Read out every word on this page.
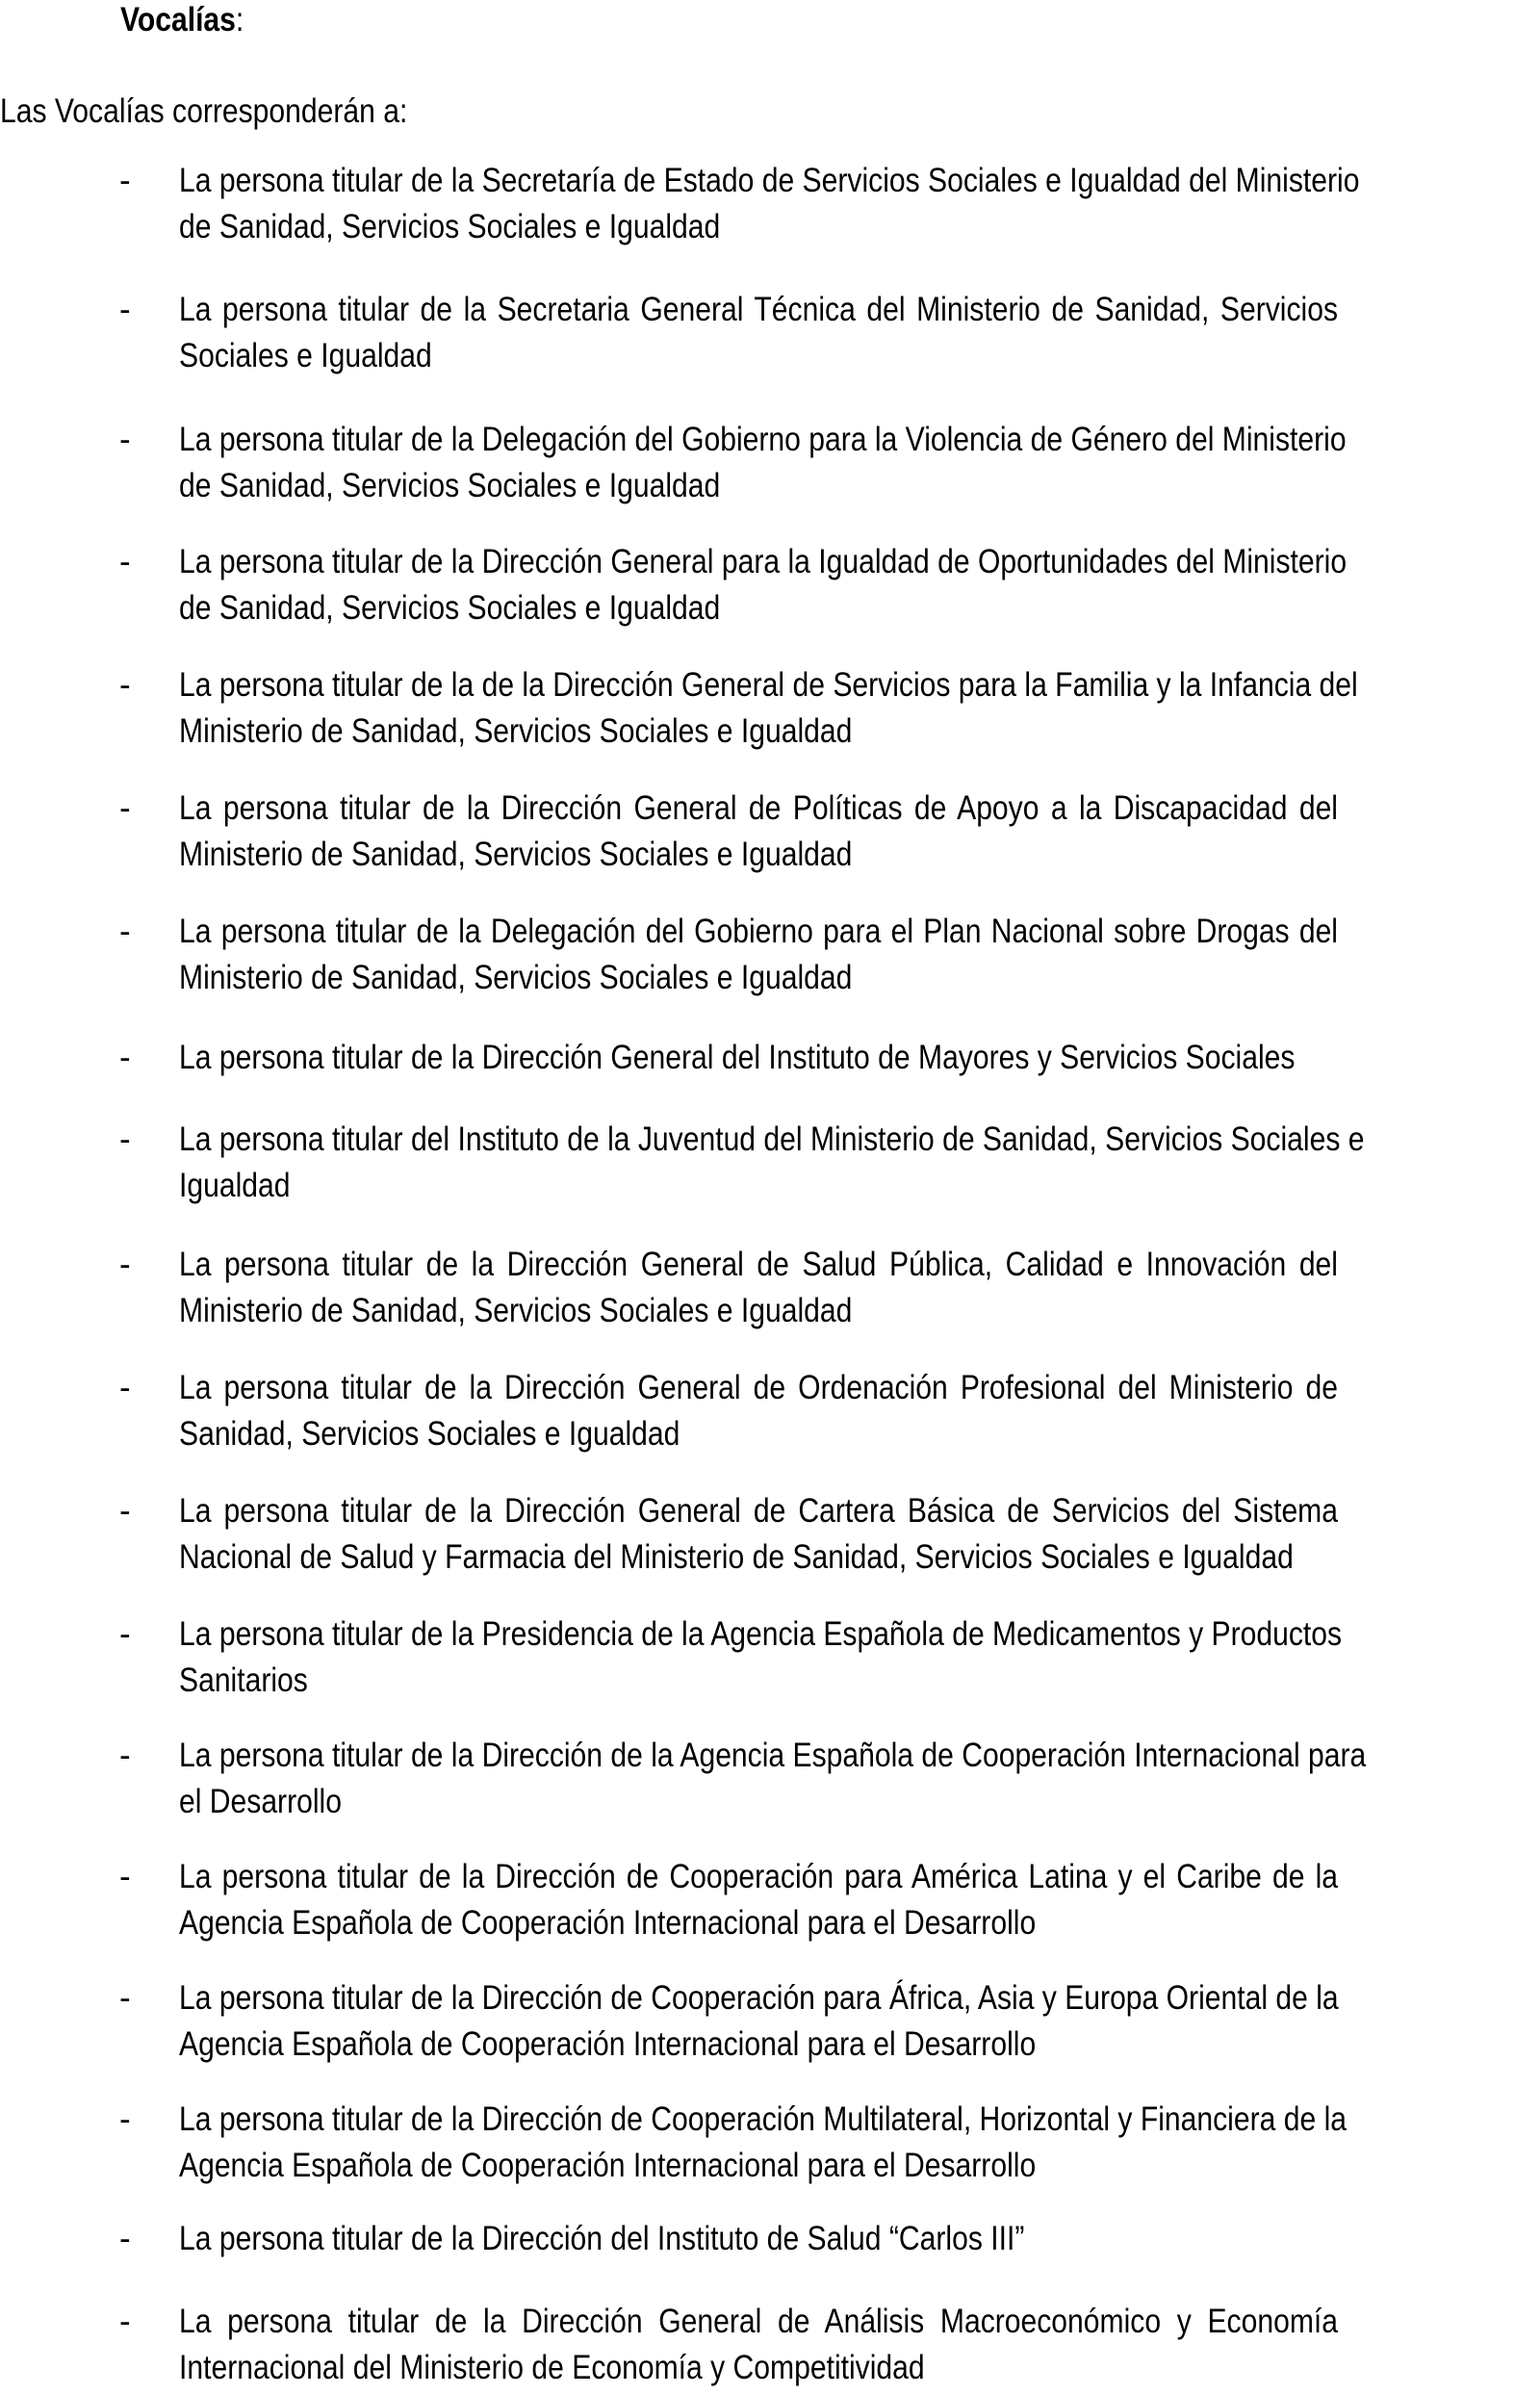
Vocalías:
Las Vocalías corresponderán a:
- La persona titular de la Secretaría de Estado de Servicios Sociales e Igualdad del Ministerio
de Sanidad, Servicios Sociales e Igualdad
- La persona titular de la Secretaria General Técnica del Ministerio de Sanidad, Servicios
Sociales e Igualdad
- La persona titular de la Delegación del Gobierno para la Violencia de Género del Ministerio
de Sanidad, Servicios Sociales e Igualdad
- La persona titular de la Dirección General para la Igualdad de Oportunidades del Ministerio
de Sanidad, Servicios Sociales e Igualdad
- La persona titular de la de la Dirección General de Servicios para la Familia y la Infancia del
Ministerio de Sanidad, Servicios Sociales e Igualdad
- La persona titular de la Dirección General de Políticas de Apoyo a la Discapacidad del
Ministerio de Sanidad, Servicios Sociales e Igualdad
- La persona titular de la Delegación del Gobierno para el Plan Nacional sobre Drogas del
Ministerio de Sanidad, Servicios Sociales e Igualdad
- La persona titular de la Dirección General del Instituto de Mayores y Servicios Sociales
- La persona titular del Instituto de la Juventud del Ministerio de Sanidad, Servicios Sociales e
Igualdad
- La persona titular de la Dirección General de Salud Pública, Calidad e Innovación del
Ministerio de Sanidad, Servicios Sociales e Igualdad
- La persona titular de la Dirección General de Ordenación Profesional del Ministerio de
Sanidad, Servicios Sociales e Igualdad
- La persona titular de la Dirección General de Cartera Básica de Servicios del Sistema
Nacional de Salud y Farmacia del Ministerio de Sanidad, Servicios Sociales e Igualdad
- La persona titular de la Presidencia de la Agencia Española de Medicamentos y Productos
Sanitarios
- La persona titular de la Dirección de la Agencia Española de Cooperación Internacional para
el Desarrollo
- La persona titular de la Dirección de Cooperación para América Latina y el Caribe de la
Agencia Española de Cooperación Internacional para el Desarrollo
- La persona titular de la Dirección de Cooperación para África, Asia y Europa Oriental de la
Agencia Española de Cooperación Internacional para el Desarrollo
- La persona titular de la Dirección de Cooperación Multilateral, Horizontal y Financiera de la
Agencia Española de Cooperación Internacional para el Desarrollo
- La persona titular de la Dirección del Instituto de Salud “Carlos III”
- La persona titular de la Dirección General de Análisis Macroeconómico y Economía
Internacional del Ministerio de Economía y Competitividad
